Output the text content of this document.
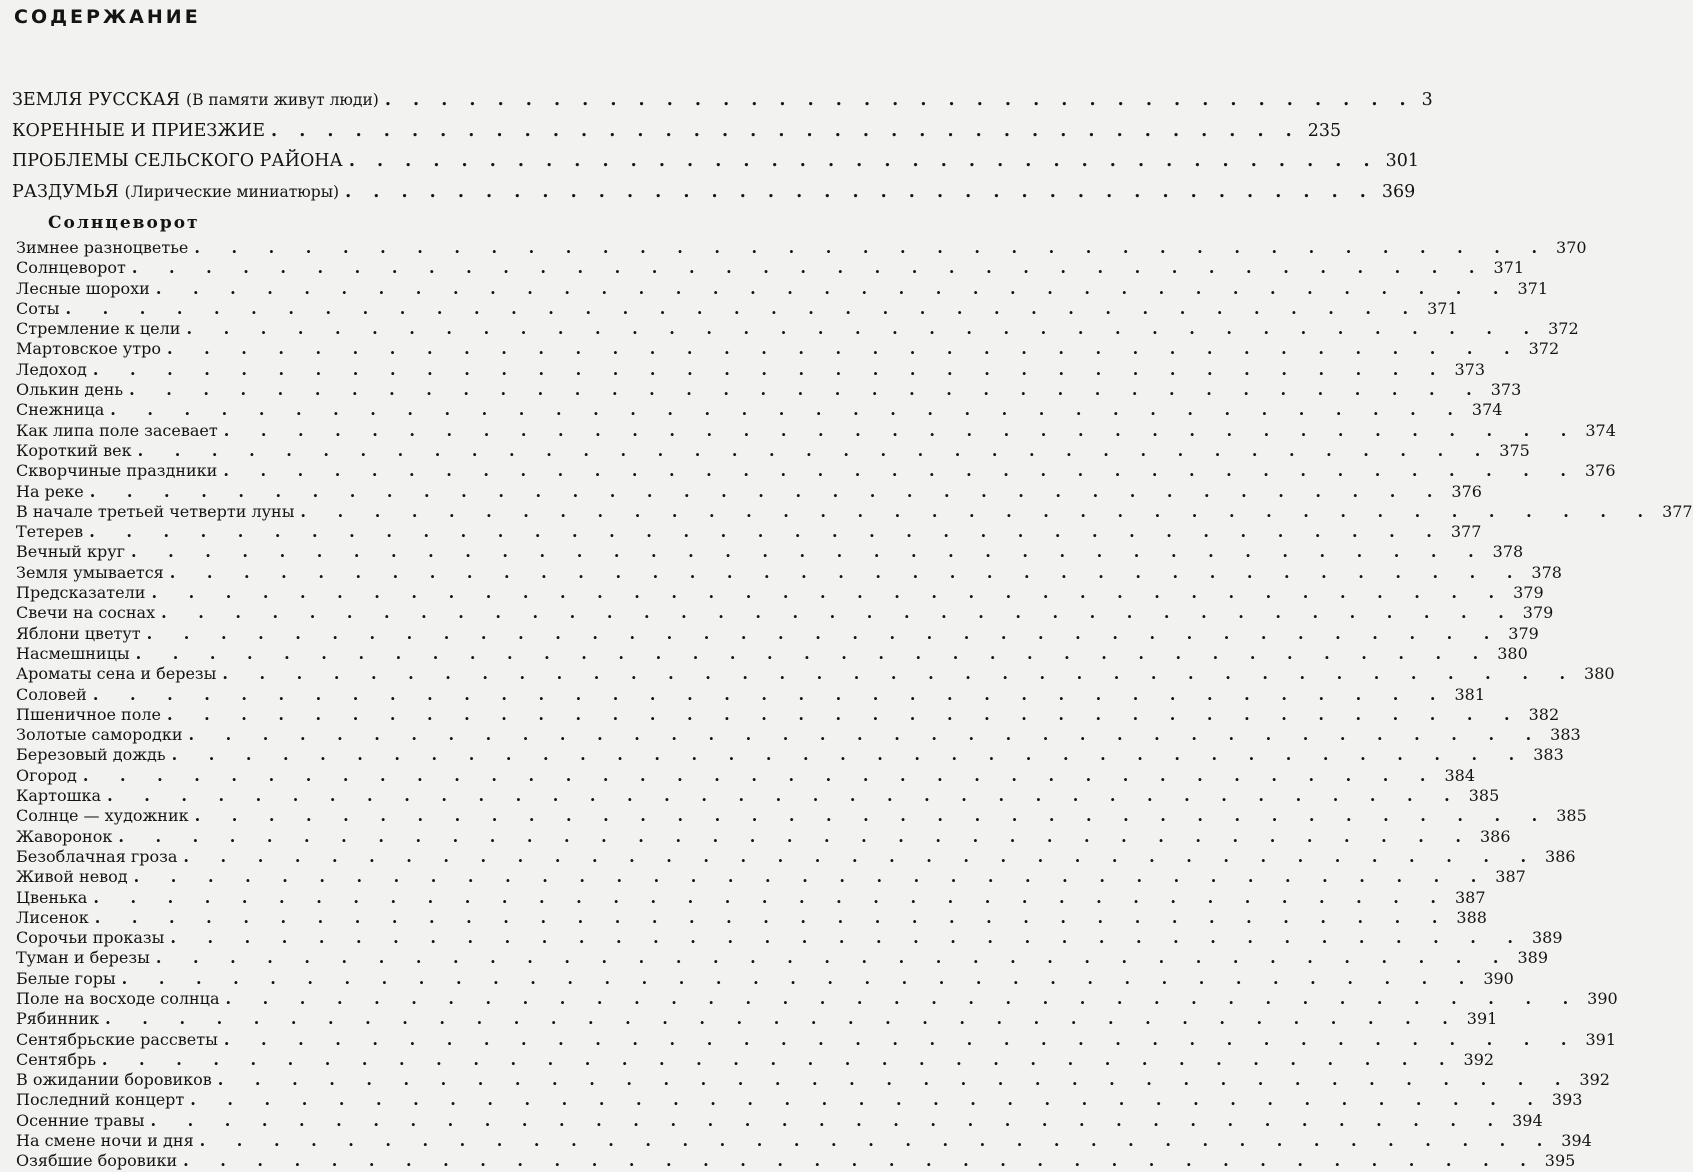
СОДЕРЖАНИЕ
ЗЕМЛЯ РУССКАЯ (В памяти живут люди) . . . . . . . . . . . . . . . . . . . . . . . . . . . . . . . . . . . . . 3
КОРЕННЫЕ И ПРИЕЗЖИЕ . . . . . . . . . . . . . . . . . . . . . . . . . . . . . . . . . . . . . 235
ПРОБЛЕМЫ СЕЛЬСКОГО РАЙОНА . . . . . . . . . . . . . . . . . . . . . . . . . . . . . . . . . . . . . 301
РАЗДУМЬЯ (Лирические миниатюры) . . . . . . . . . . . . . . . . . . . . . . . . . . . . . . . . . . . . . 369
Солнцеворот
Зимнее разноцветье . . . . . . . . . . . . . . . . . . . . . . . . . . . . . . . . . . . . . 370
Солнцеворот . . . . . . . . . . . . . . . . . . . . . . . . . . . . . . . . . . . . . 371
Лесные шорохи . . . . . . . . . . . . . . . . . . . . . . . . . . . . . . . . . . . . . 371
Соты . . . . . . . . . . . . . . . . . . . . . . . . . . . . . . . . . . . . . 371
Стремление к цели . . . . . . . . . . . . . . . . . . . . . . . . . . . . . . . . . . . . . 372
Мартовское утро . . . . . . . . . . . . . . . . . . . . . . . . . . . . . . . . . . . . . 372
Ледоход . . . . . . . . . . . . . . . . . . . . . . . . . . . . . . . . . . . . . 373
Олькин день . . . . . . . . . . . . . . . . . . . . . . . . . . . . . . . . . . . . . 373
Снежница . . . . . . . . . . . . . . . . . . . . . . . . . . . . . . . . . . . . . 374
Как липа поле засевает . . . . . . . . . . . . . . . . . . . . . . . . . . . . . . . . . . . . . 374
Короткий век . . . . . . . . . . . . . . . . . . . . . . . . . . . . . . . . . . . . . 375
Скворчиные праздники . . . . . . . . . . . . . . . . . . . . . . . . . . . . . . . . . . . . . 376
На реке . . . . . . . . . . . . . . . . . . . . . . . . . . . . . . . . . . . . . 376
В начале третьей четверти луны . . . . . . . . . . . . . . . . . . . . . . . . . . . . . . . . . . . . . 377
Тетерев . . . . . . . . . . . . . . . . . . . . . . . . . . . . . . . . . . . . . 377
Вечный круг . . . . . . . . . . . . . . . . . . . . . . . . . . . . . . . . . . . . . 378
Земля умывается . . . . . . . . . . . . . . . . . . . . . . . . . . . . . . . . . . . . . 378
Предсказатели . . . . . . . . . . . . . . . . . . . . . . . . . . . . . . . . . . . . . 379
Свечи на соснах . . . . . . . . . . . . . . . . . . . . . . . . . . . . . . . . . . . . . 379
Яблони цветут . . . . . . . . . . . . . . . . . . . . . . . . . . . . . . . . . . . . . 379
Насмешницы . . . . . . . . . . . . . . . . . . . . . . . . . . . . . . . . . . . . . 380
Ароматы сена и березы . . . . . . . . . . . . . . . . . . . . . . . . . . . . . . . . . . . . . 380
Соловей . . . . . . . . . . . . . . . . . . . . . . . . . . . . . . . . . . . . . 381
Пшеничное поле . . . . . . . . . . . . . . . . . . . . . . . . . . . . . . . . . . . . . 382
Золотые самородки . . . . . . . . . . . . . . . . . . . . . . . . . . . . . . . . . . . . . 383
Березовый дождь . . . . . . . . . . . . . . . . . . . . . . . . . . . . . . . . . . . . . 383
Огород . . . . . . . . . . . . . . . . . . . . . . . . . . . . . . . . . . . . . 384
Картошка . . . . . . . . . . . . . . . . . . . . . . . . . . . . . . . . . . . . . 385
Солнце — художник . . . . . . . . . . . . . . . . . . . . . . . . . . . . . . . . . . . . . 385
Жаворонок . . . . . . . . . . . . . . . . . . . . . . . . . . . . . . . . . . . . . 386
Безоблачная гроза . . . . . . . . . . . . . . . . . . . . . . . . . . . . . . . . . . . . . 386
Живой невод . . . . . . . . . . . . . . . . . . . . . . . . . . . . . . . . . . . . . 387
Цвенька . . . . . . . . . . . . . . . . . . . . . . . . . . . . . . . . . . . . . 387
Лисенок . . . . . . . . . . . . . . . . . . . . . . . . . . . . . . . . . . . . . 388
Сорочьи проказы . . . . . . . . . . . . . . . . . . . . . . . . . . . . . . . . . . . . . 389
Туман и березы . . . . . . . . . . . . . . . . . . . . . . . . . . . . . . . . . . . . . 389
Белые горы . . . . . . . . . . . . . . . . . . . . . . . . . . . . . . . . . . . . . 390
Поле на восходе солнца . . . . . . . . . . . . . . . . . . . . . . . . . . . . . . . . . . . . . 390
Рябинник . . . . . . . . . . . . . . . . . . . . . . . . . . . . . . . . . . . . . 391
Сентябрьские рассветы . . . . . . . . . . . . . . . . . . . . . . . . . . . . . . . . . . . . . 391
Сентябрь . . . . . . . . . . . . . . . . . . . . . . . . . . . . . . . . . . . . . 392
В ожидании боровиков . . . . . . . . . . . . . . . . . . . . . . . . . . . . . . . . . . . . . 392
Последний концерт . . . . . . . . . . . . . . . . . . . . . . . . . . . . . . . . . . . . . 393
Осенние травы . . . . . . . . . . . . . . . . . . . . . . . . . . . . . . . . . . . . . 394
На смене ночи и дня . . . . . . . . . . . . . . . . . . . . . . . . . . . . . . . . . . . . . 394
Озябшие боровики . . . . . . . . . . . . . . . . . . . . . . . . . . . . . . . . . . . . . 395
